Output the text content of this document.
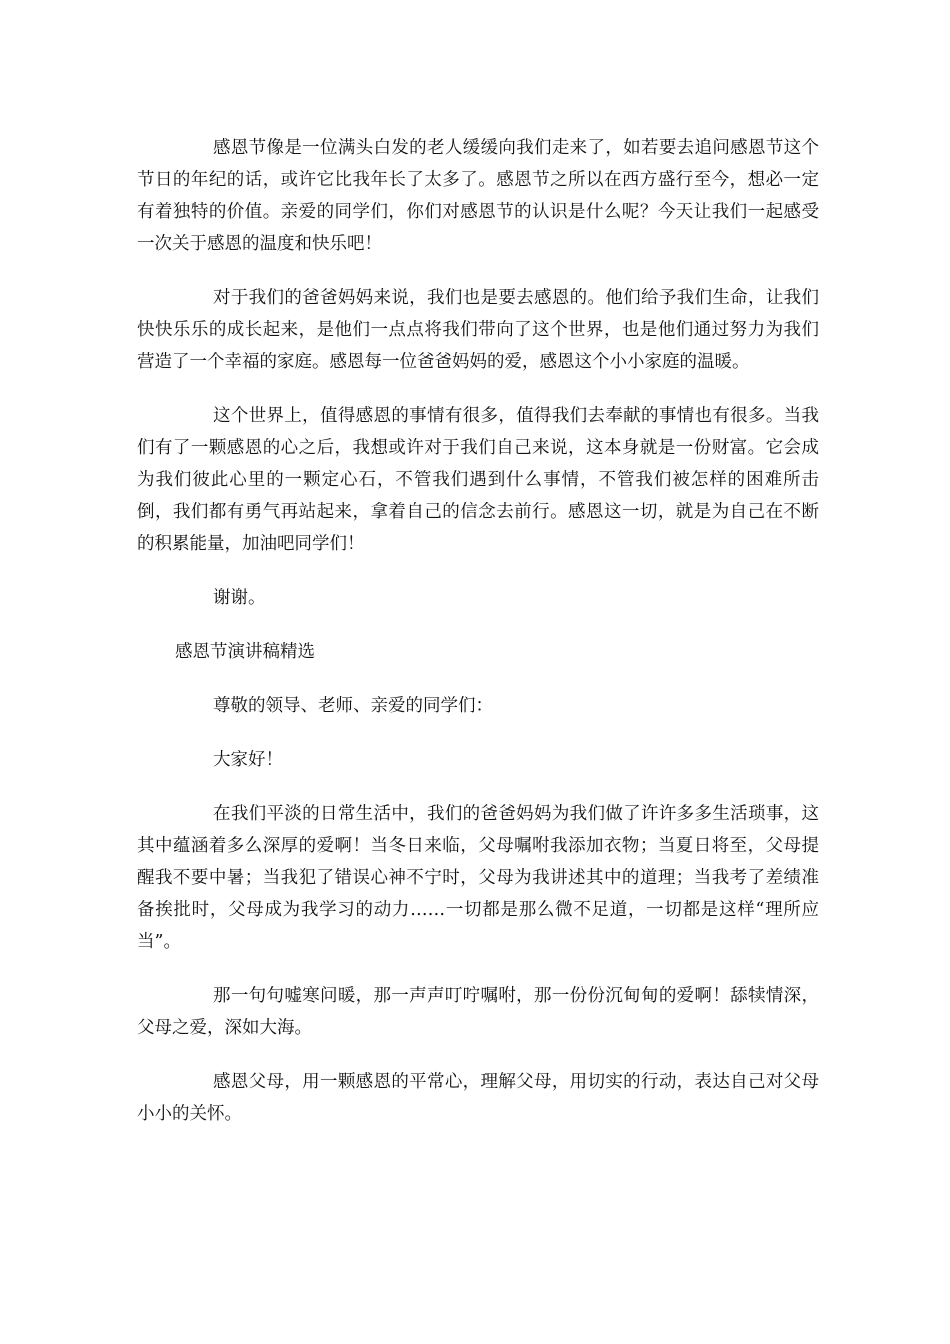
感恩节像是一位满头白发的老人缓缓向我们走来了，如若要去追问感恩节这个节日的年纪的话，或许它比我年长了太多了。感恩节之所以在西方盛行至今，想必一定有着独特的价值。亲爱的同学们，你们对感恩节的认识是什么呢？今天让我们一起感受一次关于感恩的温度和快乐吧！

对于我们的爸爸妈妈来说，我们也是要去感恩的。他们给予我们生命，让我们快快乐乐的成长起来，是他们一点点将我们带向了这个世界，也是他们通过努力为我们营造了一个幸福的家庭。感恩每一位爸爸妈妈的爱，感恩这个小小家庭的温暖。

这个世界上，值得感恩的事情有很多，值得我们去奉献的事情也有很多。当我们有了一颗感恩的心之后，我想或许对于我们自己来说，这本身就是一份财富。它会成为我们彼此心里的一颗定心石，不管我们遇到什么事情，不管我们被怎样的困难所击倒，我们都有勇气再站起来，拿着自己的信念去前行。感恩这一切，就是为自己在不断的积累能量，加油吧同学们！

谢谢。

感恩节演讲稿精选

尊敬的领导、老师、亲爱的同学们：

大家好！

在我们平淡的日常生活中，我们的爸爸妈妈为我们做了许许多多生活琐事，这其中蕴涵着多么深厚的爱啊！当冬日来临，父母嘱咐我添加衣物；当夏日将至，父母提醒我不要中暑；当我犯了错误心神不宁时，父母为我讲述其中的道理；当我考了差绩准备挨批时，父母成为我学习的动力……一切都是那么微不足道，一切都是这样“理所应当”。

那一句句嘘寒问暖，那一声声叮咛嘱咐，那一份份沉甸甸的爱啊！舔犊情深，父母之爱，深如大海。

感恩父母，用一颗感恩的平常心，理解父母，用切实的行动，表达自己对父母小小的关怀。
